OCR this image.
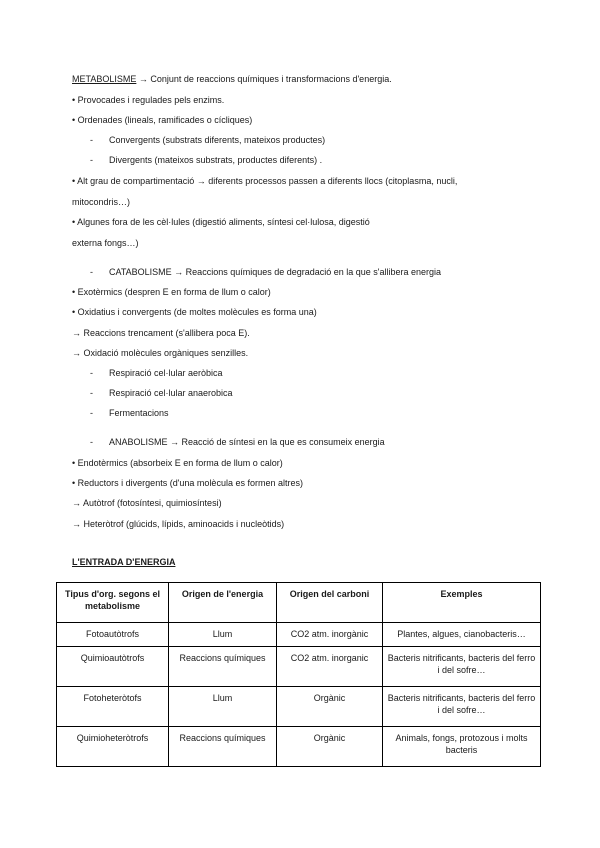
METABOLISME → Conjunt de reaccions químiques i transformacions d'energia.
• Provocades i regulades pels enzims.
• Ordenades (lineals, ramificades o cícliques)
- Convergents (substrats diferents, mateixos productes)
- Divergents (mateixos substrats, productes diferents) .
• Alt grau de compartimentació → diferents processos passen a diferents llocs (citoplasma, nucli,
mitocondris…)
• Algunes fora de les cèl·lules (digestió aliments, síntesi cel·lulosa, digestió
externa fongs…)
- CATABOLISME → Reaccions químiques de degradació en la que s'allibera energia
• Exotèrmics (despren E en forma de llum o calor)
• Oxidatius i convergents (de moltes molècules es forma una)
→ Reaccions trencament (s'allibera poca E).
→ Oxidació molècules orgàniques senzilles.
- Respiració cel·lular aeròbica
- Respiració cel·lular anaerobica
- Fermentacions
- ANABOLISME → Reacció de síntesi en la que es consumeix energia
• Endotèrmics (absorbeix E en forma de llum o calor)
• Reductors i divergents (d'una molècula es formen altres)
→ Autòtrof (fotosíntesi, quimiosíntesi)
→ Heteròtrof (glúcids, lípids, aminoacids i nucleòtids)
L'ENTRADA D'ENERGIA
Tipus d'org. segons el metabolisme	Origen de l'energia	Origen del carboni	Exemples
Fotoautòtrofs	Llum	CO2 atm. inorgànic	Plantes, algues, cianobacteris…
Quimioautòtrofs	Reaccions químiques	CO2 atm. inorganic	Bacteris nitrificants, bacteris del ferro i del sofre…
Fotoheteròtofs	Llum	Orgànic	Bacteris nitrificants, bacteris del ferro i del sofre…
Quimioheteròtrofs	Reaccions químiques	Orgànic	Animals, fongs, protozous i molts bacteris
